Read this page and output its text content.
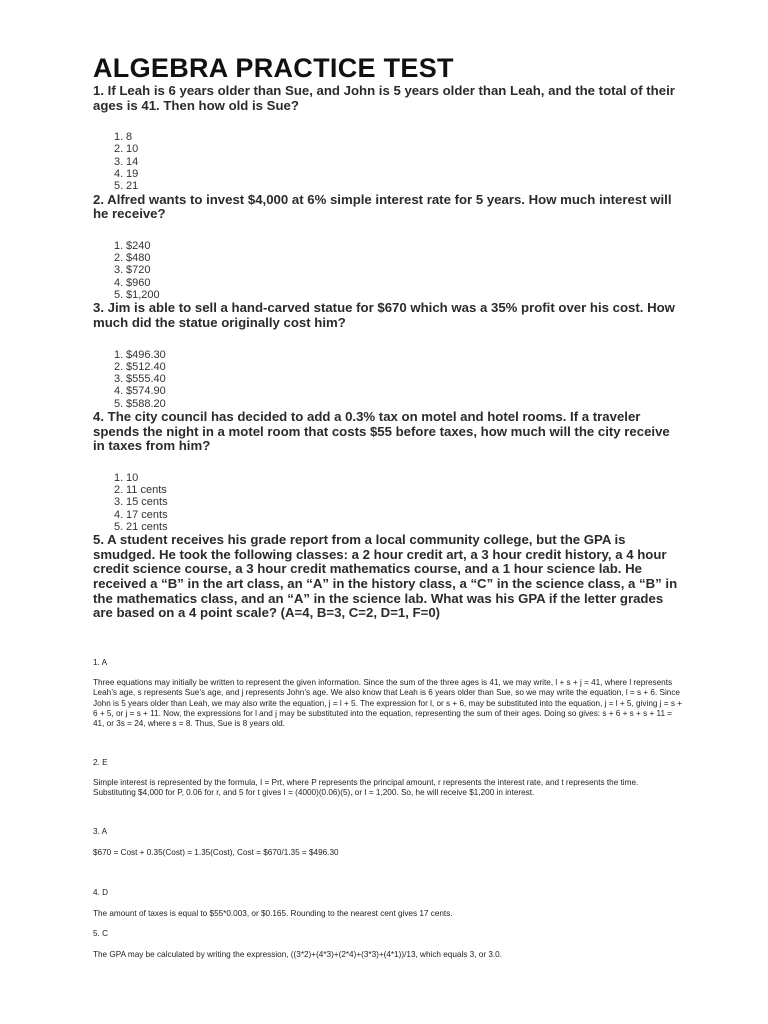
ALGEBRA PRACTICE TEST

1. If Leah is 6 years older than Sue, and John is 5 years older than Leah, and the total of their ages is 41. Then how old is Sue?

1. 8
2. 10
3. 14
4. 19
5. 21

2. Alfred wants to invest $4,000 at 6% simple interest rate for 5 years. How much interest will he receive?

1. $240
2. $480
3. $720
4. $960
5. $1,200

3. Jim is able to sell a hand-carved statue for $670 which was a 35% profit over his cost. How much did the statue originally cost him?

1. $496.30
2. $512.40
3. $555.40
4. $574.90
5. $588.20

4. The city council has decided to add a 0.3% tax on motel and hotel rooms. If a traveler spends the night in a motel room that costs $55 before taxes, how much will the city receive in taxes from him?

1. 10
2. 11 cents
3. 15 cents
4. 17 cents
5. 21 cents

5. A student receives his grade report from a local community college, but the GPA is smudged. He took the following classes: a 2 hour credit art, a 3 hour credit history, a 4 hour credit science course, a 3 hour credit mathematics course, and a 1 hour science lab. He received a “B” in the art class, an “A” in the history class, a “C” in the science class, a “B” in the mathematics class, and an “A” in the science lab. What was his GPA if the letter grades are based on a 4 point scale? (A=4, B=3, C=2, D=1, F=0)

1. A

Three equations may initially be written to represent the given information. Since the sum of the three ages is 41, we may write, l + s + j = 41, where l represents Leah’s age, s represents Sue’s age, and j represents John’s age. We also know that Leah is 6 years older than Sue, so we may write the equation, l = s + 6. Since John is 5 years older than Leah, we may also write the equation, j = l + 5. The expression for l, or s + 6, may be substituted into the equation, j = l + 5, giving j = s + 6 + 5, or j = s + 11. Now, the expressions for l and j may be substituted into the equation, representing the sum of their ages. Doing so gives: s + 6 + s + s + 11 = 41, or 3s = 24, where s = 8. Thus, Sue is 8 years old.

2. E

Simple interest is represented by the formula, I = Prt, where P represents the principal amount, r represents the interest rate, and t represents the time. Substituting $4,000 for P, 0.06 for r, and 5 for t gives I = (4000)(0.06)(5), or I = 1,200. So, he will receive $1,200 in interest.

3. A

$670 = Cost + 0.35(Cost) = 1.35(Cost), Cost = $670/1.35 = $496.30

4. D

The amount of taxes is equal to $55*0.003, or $0.165. Rounding to the nearest cent gives 17 cents.

5. C

The GPA may be calculated by writing the expression, ((3*2)+(4*3)+(2*4)+(3*3)+(4*1))/13, which equals 3, or 3.0.
